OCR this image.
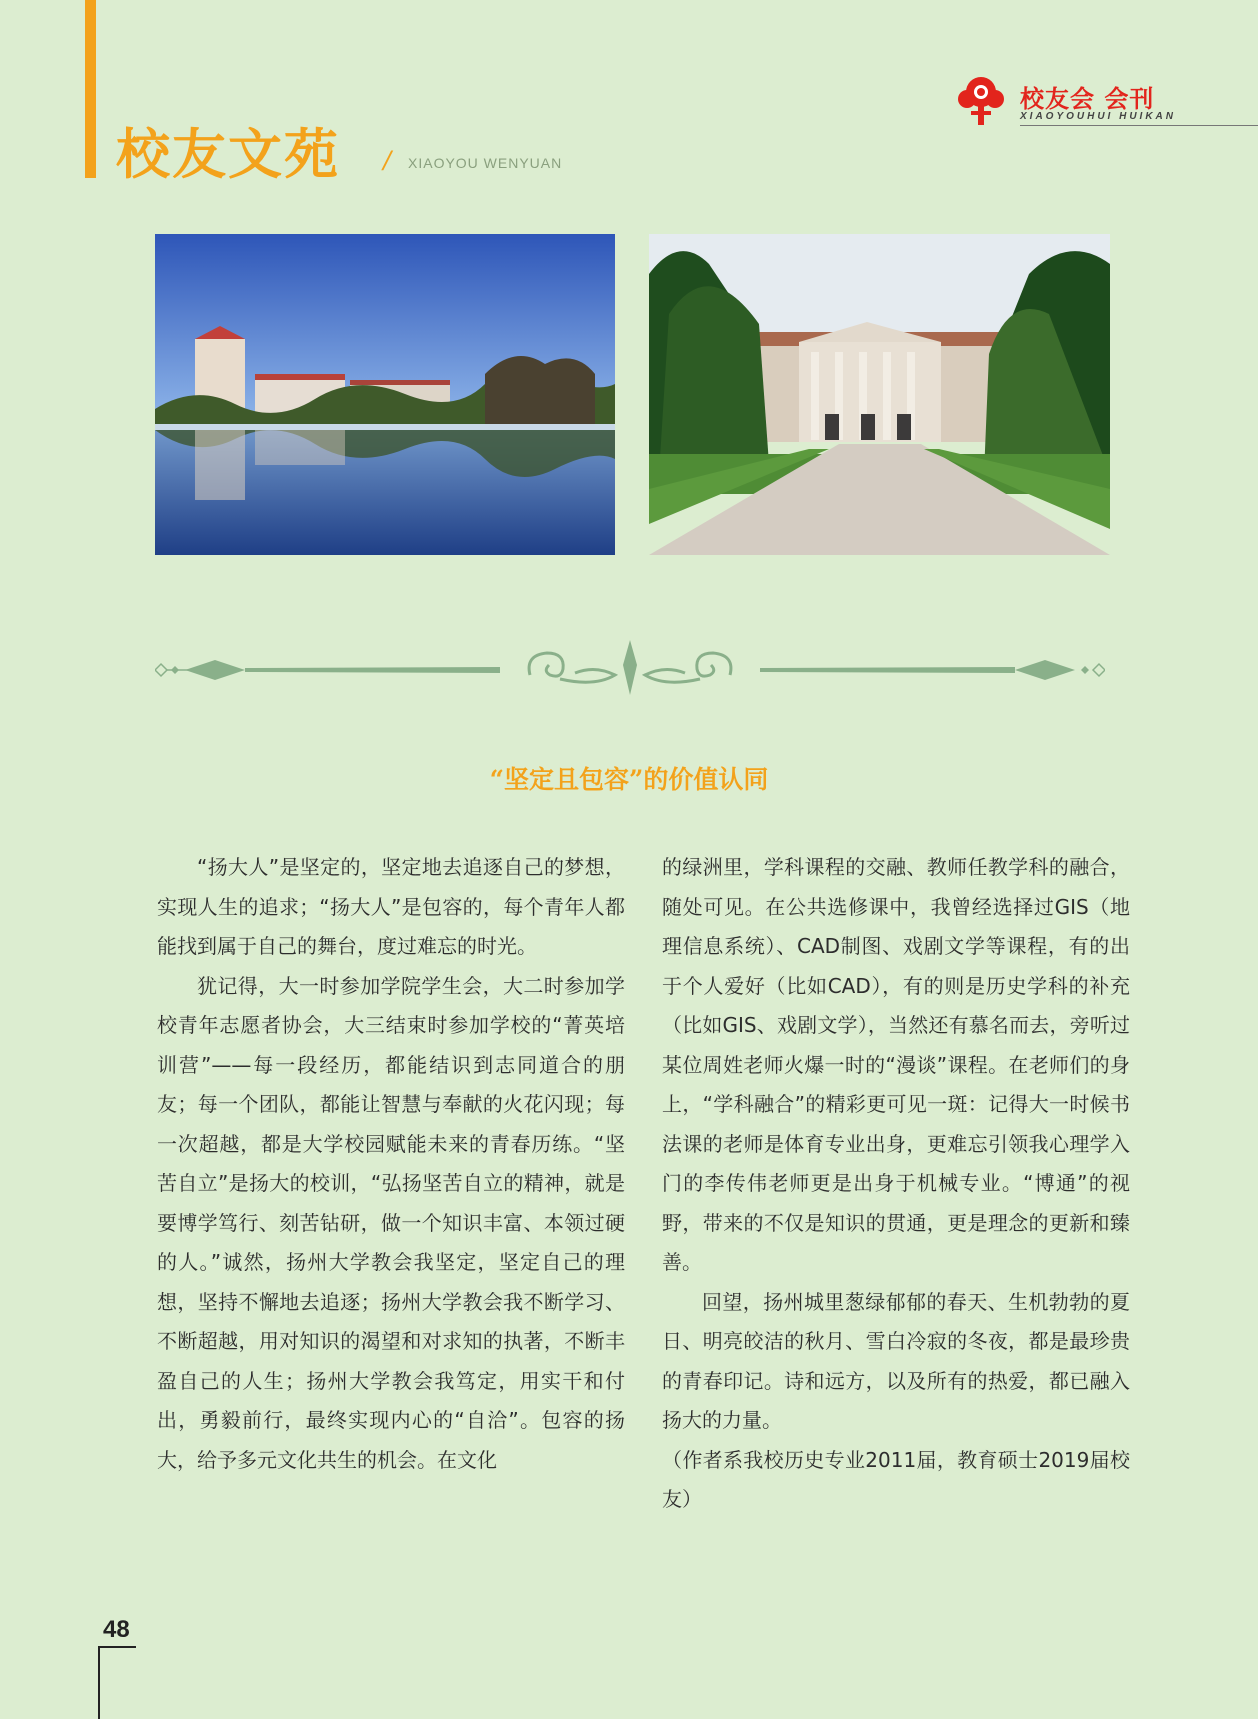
校友文苑 / XIAOYOU WENYUAN
校友会 会刊
XIAOYOUHUI HUIKAN
“坚定且包容”的价值认同

“扬大人”是坚定的，坚定地去追逐自己的梦想，实现人生的追求；“扬大人”是包容的，每个青年人都能找到属于自己的舞台，度过难忘的时光。

犹记得，大一时参加学院学生会，大二时参加学校青年志愿者协会，大三结束时参加学校的“菁英培训营”——每一段经历，都能结识到志同道合的朋友；每一个团队，都能让智慧与奉献的火花闪现；每一次超越，都是大学校园赋能未来的青春历练。“坚苦自立”是扬大的校训，“弘扬坚苦自立的精神，就是要博学笃行、刻苦钻研，做一个知识丰富、本领过硬的人。”诚然，扬州大学教会我坚定，坚定自己的理想，坚持不懈地去追逐；扬州大学教会我不断学习、不断超越，用对知识的渴望和对求知的执著，不断丰盈自己的人生；扬州大学教会我笃定，用实干和付出，勇毅前行，最终实现内心的“自洽”。包容的扬大，给予多元文化共生的机会。在文化

的绿洲里，学科课程的交融、教师任教学科的融合，随处可见。在公共选修课中，我曾经选择过GIS（地理信息系统）、CAD制图、戏剧文学等课程，有的出于个人爱好（比如CAD），有的则是历史学科的补充（比如GIS、戏剧文学），当然还有慕名而去，旁听过某位周姓老师火爆一时的“漫谈”课程。在老师们的身上，“学科融合”的精彩更可见一斑：记得大一时候书法课的老师是体育专业出身，更难忘引领我心理学入门的李传伟老师更是出身于机械专业。“博通”的视野，带来的不仅是知识的贯通，更是理念的更新和臻善。

回望，扬州城里葱绿郁郁的春天、生机勃勃的夏日、明亮皎洁的秋月、雪白冷寂的冬夜，都是最珍贵的青春印记。诗和远方，以及所有的热爱，都已融入扬大的力量。

（作者系我校历史专业2011届，教育硕士2019届校友）

48
